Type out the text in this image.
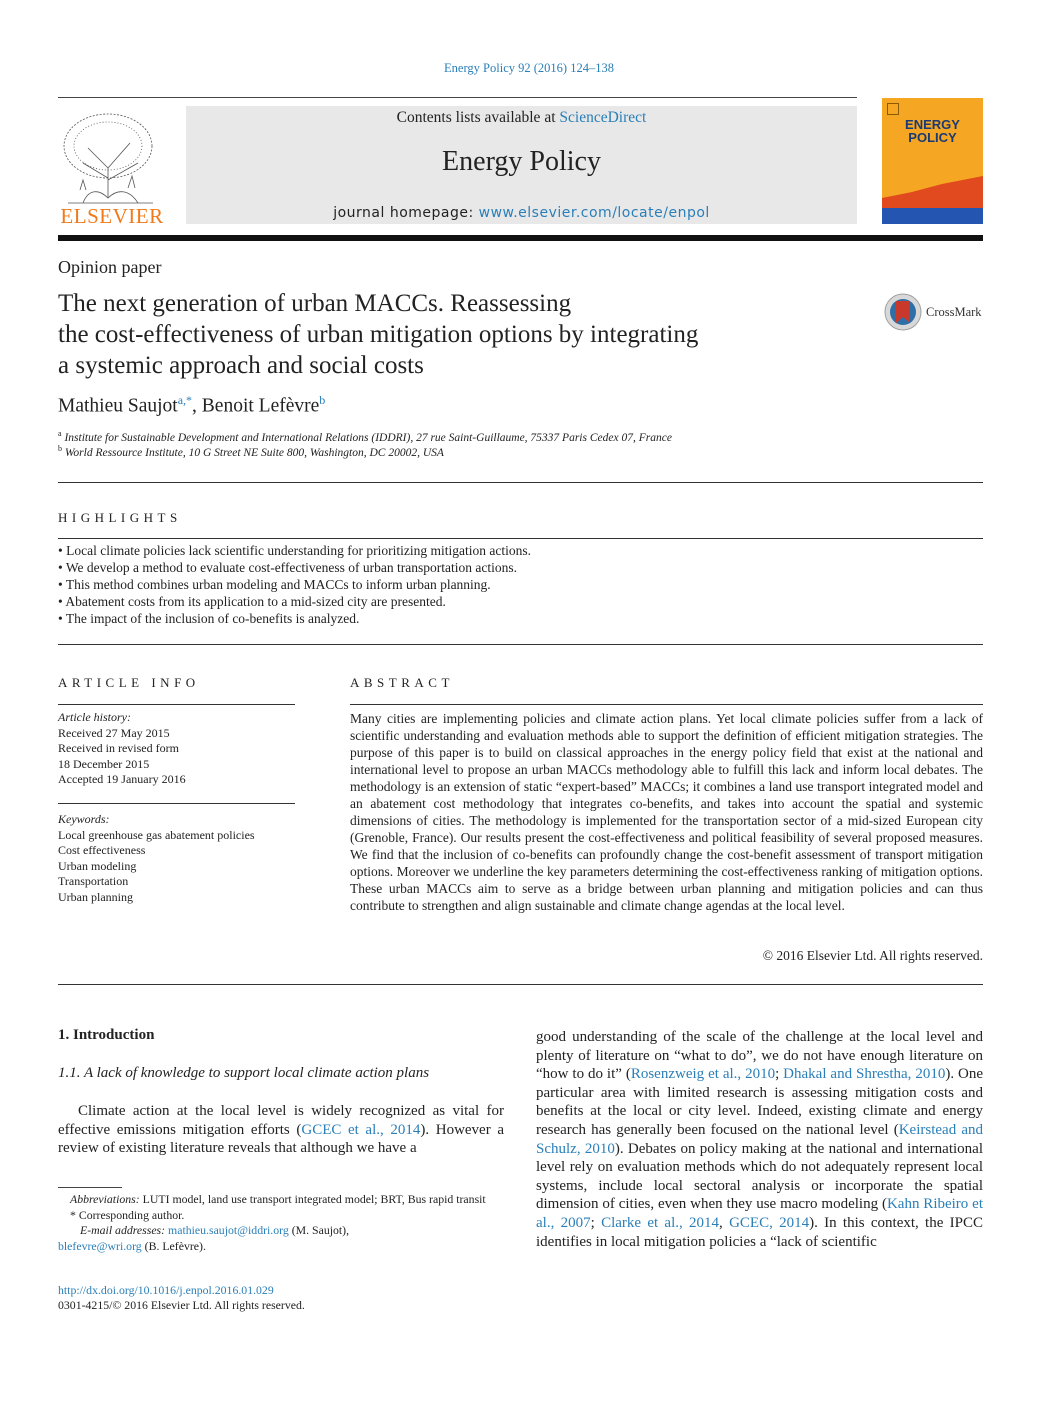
Energy Policy 92 (2016) 124–138
ELSEVIER
Contents lists available at ScienceDirect
Energy Policy
journal homepage: www.elsevier.com/locate/enpol
ENERGY
POLICY
Opinion paper
The next generation of urban MACCs. Reassessing
the cost-effectiveness of urban mitigation options by integrating
a systemic approach and social costs
CrossMark
Mathieu Saujot$^{a,*}$, Benoit Lefèvre$^b$
$^a$ Institute for Sustainable Development and International Relations (IDDRI), 27 rue Saint-Guillaume, 75337 Paris Cedex 07, France
$^b$ World Ressource Institute, 10 G Street NE Suite 800, Washington, DC 20002, USA
HIGHLIGHTS
• Local climate policies lack scientific understanding for prioritizing mitigation actions.
• We develop a method to evaluate cost-effectiveness of urban transportation actions.
• This method combines urban modeling and MACCs to inform urban planning.
• Abatement costs from its application to a mid-sized city are presented.
• The impact of the inclusion of co-benefits is analyzed.
ARTICLE INFO
Article history:
Received 27 May 2015
Received in revised form
18 December 2015
Accepted 19 January 2016
Keywords:
Local greenhouse gas abatement policies
Cost effectiveness
Urban modeling
Transportation
Urban planning
ABSTRACT
Many cities are implementing policies and climate action plans. Yet local climate policies suffer from a lack of scientific understanding and evaluation methods able to support the definition of efficient mitigation strategies. The purpose of this paper is to build on classical approaches in the energy policy field that exist at the national and international level to propose an urban MACCs methodology able to fulfill this lack and inform local debates. The methodology is an extension of static “expert-based” MACCs; it combines a land use transport integrated model and an abatement cost methodology that integrates co-benefits, and takes into account the spatial and systemic dimensions of cities. The methodology is implemented for the transportation sector of a mid-sized European city (Grenoble, France). Our results present the cost-effectiveness and political feasibility of several proposed measures. We find that the inclusion of co-benefits can profoundly change the cost-benefit assessment of transport mitigation options. Moreover we underline the key parameters determining the cost-effectiveness ranking of mitigation options. These urban MACCs aim to serve as a bridge between urban planning and mitigation policies and can thus contribute to strengthen and align sustainable and climate change agendas at the local level.
© 2016 Elsevier Ltd. All rights reserved.
1. Introduction
1.1. A lack of knowledge to support local climate action plans
Climate action at the local level is widely recognized as vital for effective emissions mitigation efforts (GCEC et al., 2014). However a review of existing literature reveals that although we have a
Abbreviations: LUTI model, land use transport integrated model; BRT, Bus rapid transit
* Corresponding author.
E-mail addresses: mathieu.saujot@iddri.org (M. Saujot),
blefevre@wri.org (B. Lefèvre).
http://dx.doi.org/10.1016/j.enpol.2016.01.029
0301-4215/© 2016 Elsevier Ltd. All rights reserved.
good understanding of the scale of the challenge at the local level and plenty of literature on “what to do”, we do not have enough literature on “how to do it” (Rosenzweig et al., 2010; Dhakal and Shrestha, 2010). One particular area with limited research is assessing mitigation costs and benefits at the local or city level. Indeed, existing climate and energy research has generally been focused on the national level (Keirstead and Schulz, 2010). Debates on policy making at the national and international level rely on evaluation methods which do not adequately represent local systems, include local sectoral analysis or incorporate the spatial dimension of cities, even when they use macro modeling (Kahn Ribeiro et al., 2007; Clarke et al., 2014, GCEC, 2014). In this context, the IPCC identifies in local mitigation policies a “lack of scientific
